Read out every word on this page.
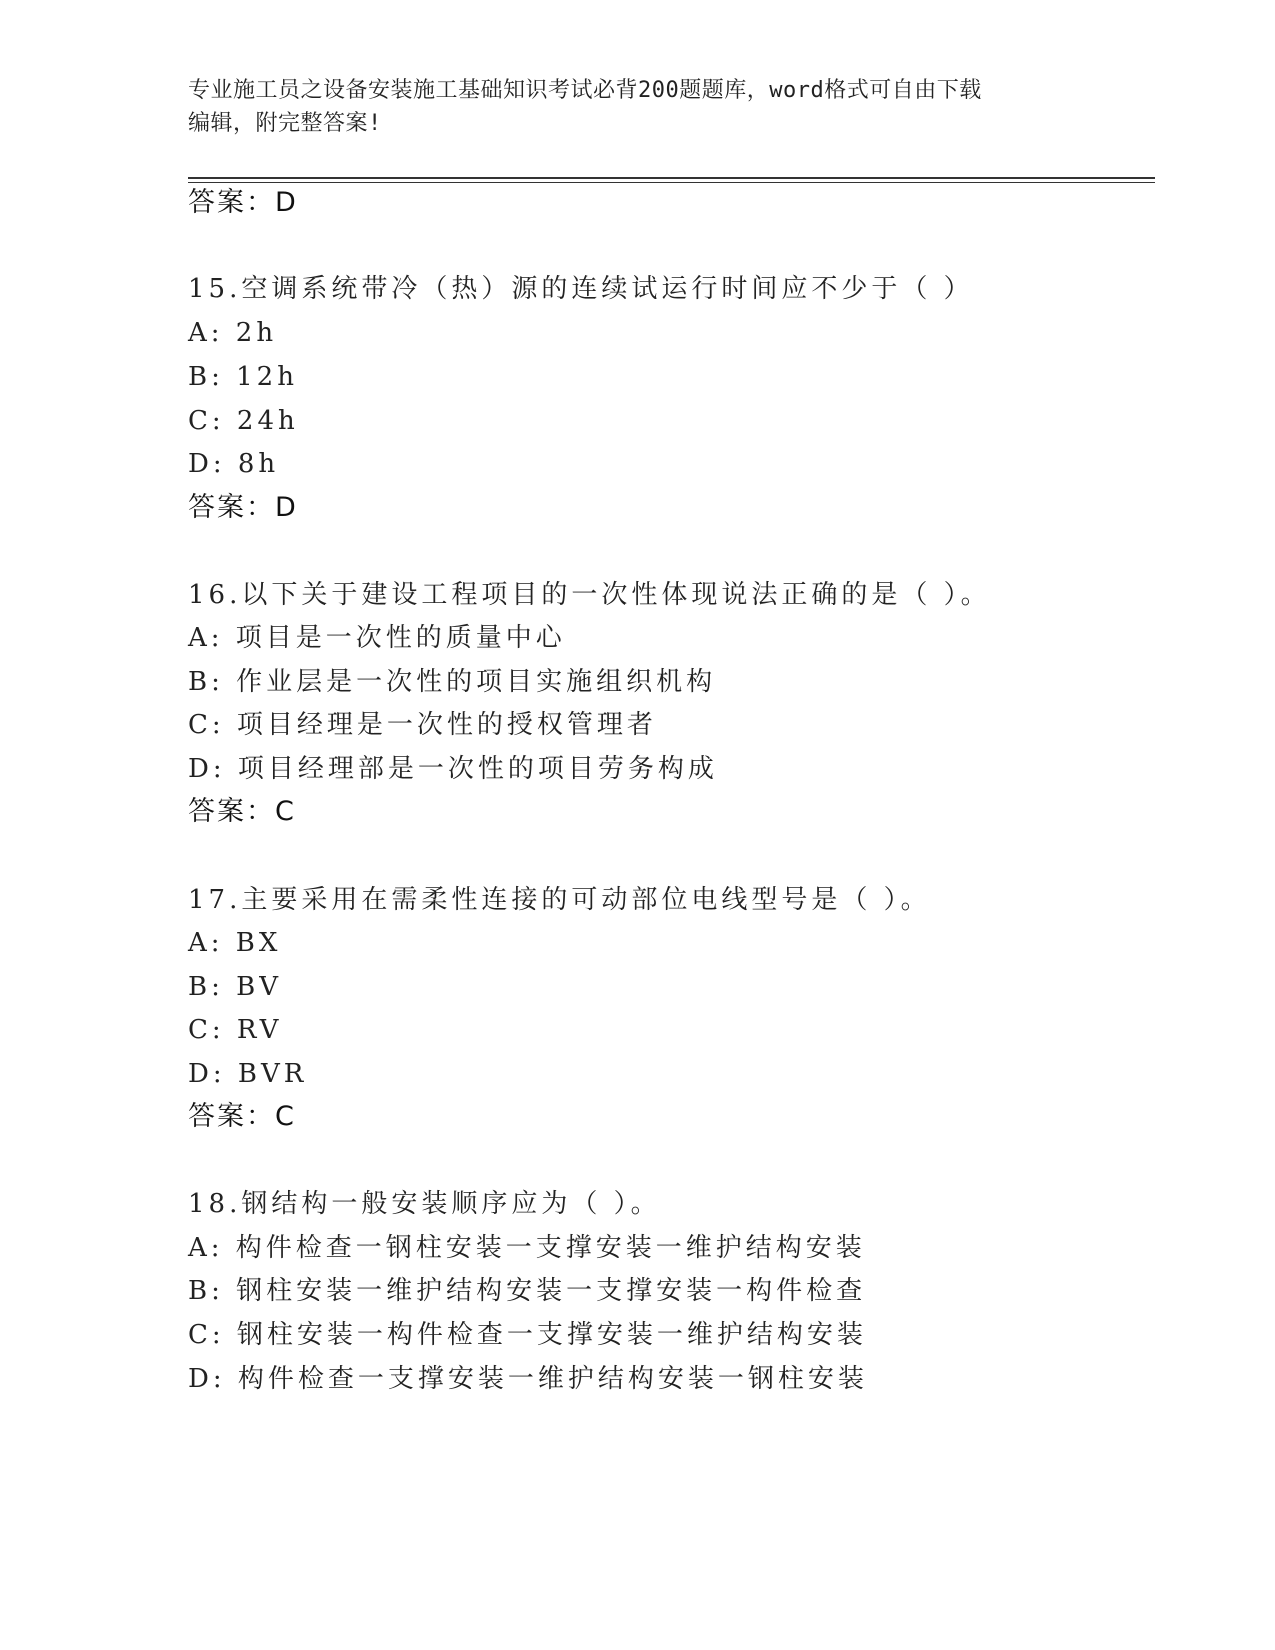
专业施工员之设备安装施工基础知识考试必背200题题库，word格式可自由下载
编辑，附完整答案!
答案：D
15.空调系统带冷（热）源的连续试运行时间应不少于（ ）
A: 2h
B: 12h
C: 24h
D: 8h
答案：D
16.以下关于建设工程项目的一次性体现说法正确的是（ ）。
A: 项目是一次性的质量中心
B: 作业层是一次性的项目实施组织机构
C: 项目经理是一次性的授权管理者
D: 项目经理部是一次性的项目劳务构成
答案：C
17.主要采用在需柔性连接的可动部位电线型号是（ ）。
A: BX
B: BV
C: RV
D: BVR
答案：C
18.钢结构一般安装顺序应为（ ）。
A: 构件检查一钢柱安装一支撑安装一维护结构安装
B: 钢柱安装一维护结构安装一支撑安装一构件检查
C: 钢柱安装一构件检查一支撑安装一维护结构安装
D: 构件检查一支撑安装一维护结构安装一钢柱安装
